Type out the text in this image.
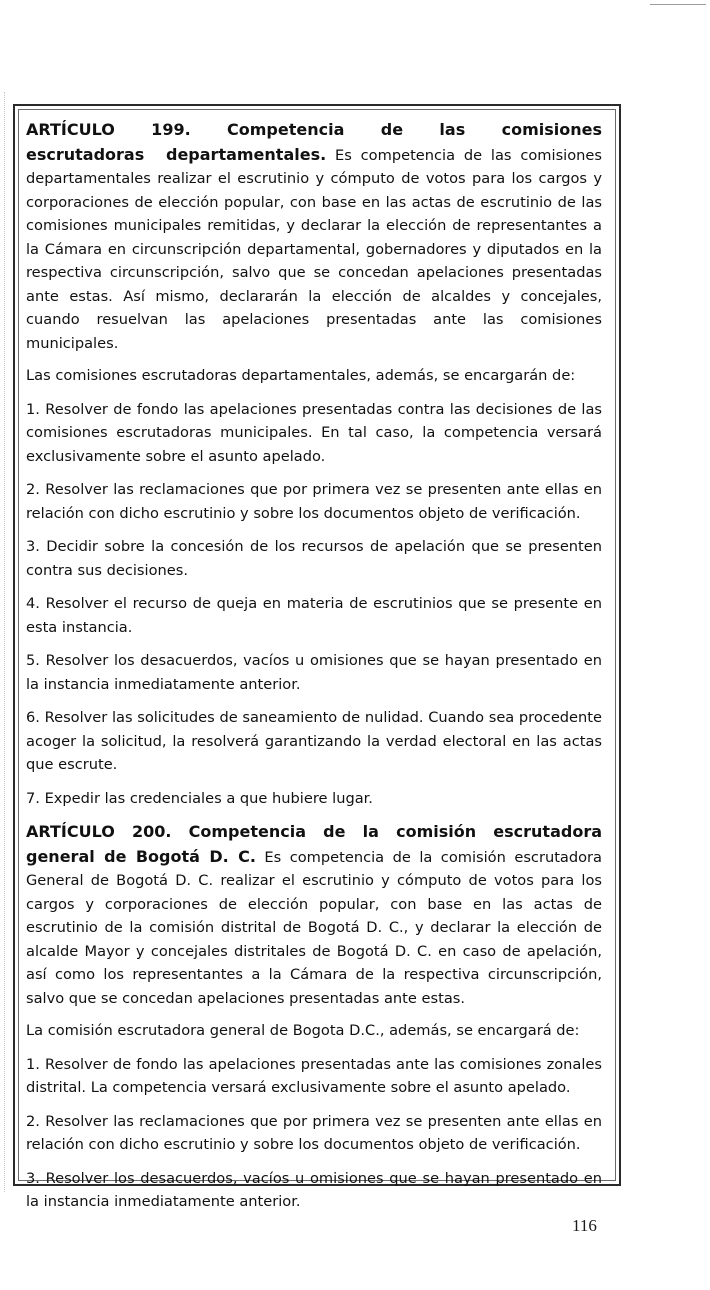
ARTÍCULO 199. Competencia de las comisiones escrutadoras departamentales. Es competencia de las comisiones departamentales realizar el escrutinio y cómputo de votos para los cargos y corporaciones de elección popular, con base en las actas de escrutinio de las comisiones municipales remitidas, y declarar la elección de representantes a la Cámara en circunscripción departamental, gobernadores y diputados en la respectiva circunscripción, salvo que se concedan apelaciones presentadas ante estas. Así mismo, declararán la elección de alcaldes y concejales, cuando resuelvan las apelaciones presentadas ante las comisiones municipales.

Las comisiones escrutadoras departamentales, además, se encargarán de:

1. Resolver de fondo las apelaciones presentadas contra las decisiones de las comisiones escrutadoras municipales. En tal caso, la competencia versará exclusivamente sobre el asunto apelado.

2. Resolver las reclamaciones que por primera vez se presenten ante ellas en relación con dicho escrutinio y sobre los documentos objeto de verificación.

3. Decidir sobre la concesión de los recursos de apelación que se presenten contra sus decisiones.

4. Resolver el recurso de queja en materia de escrutinios que se presente en esta instancia.

5. Resolver los desacuerdos, vacíos u omisiones que se hayan presentado en la instancia inmediatamente anterior.

6. Resolver las solicitudes de saneamiento de nulidad. Cuando sea procedente acoger la solicitud, la resolverá garantizando la verdad electoral en las actas que escrute.

7. Expedir las credenciales a que hubiere lugar.

ARTÍCULO 200. Competencia de la comisión escrutadora general de Bogotá D. C. Es competencia de la comisión escrutadora General de Bogotá D. C. realizar el escrutinio y cómputo de votos para los cargos y corporaciones de elección popular, con base en las actas de escrutinio de la comisión distrital de Bogotá D. C., y declarar la elección de alcalde Mayor y concejales distritales de Bogotá D. C. en caso de apelación, así como los representantes a la Cámara de la respectiva circunscripción, salvo que se concedan apelaciones presentadas ante estas.

La comisión escrutadora general de Bogota D.C., además, se encargará de:

1. Resolver de fondo las apelaciones presentadas ante las comisiones zonales distrital. La competencia versará exclusivamente sobre el asunto apelado.

2. Resolver las reclamaciones que por primera vez se presenten ante ellas en relación con dicho escrutinio y sobre los documentos objeto de verificación.

3. Resolver los desacuerdos, vacíos u omisiones que se hayan presentado en la instancia inmediatamente anterior.

116
